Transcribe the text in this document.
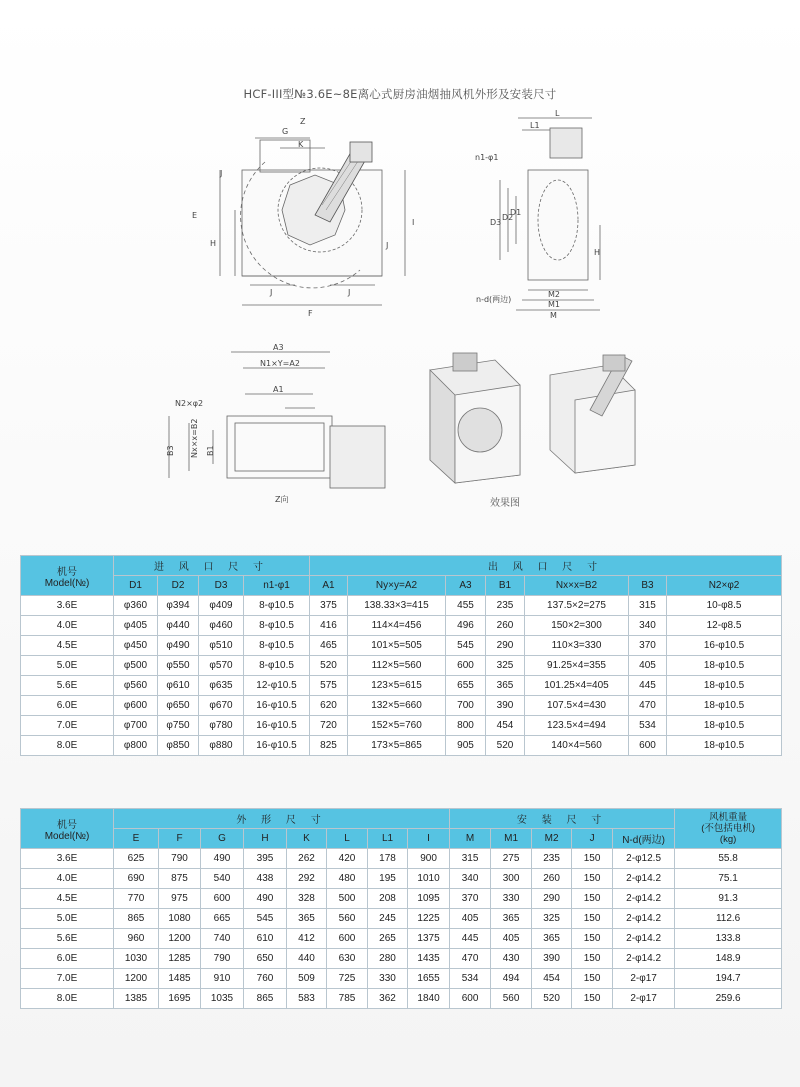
HCF-III型№3.6E~8E离心式厨房油烟抽风机外形及安装尺寸
Z
G
K
J
E
H	J
J	J
F
I
L
L1
n1-φ1
D3
D2
D1
H
n-d(两边)
M2
M1
M
A3
N1×Y=A2
A1
N2×φ2
B3 Nx×x=B2 B1
Z向	效果图
机号
Model(№)	进 风 口 尺 寸				出 风 口 尺 寸						
	D1	D2	D3	n1-φ1	A1	Ny×y=A2	A3	B1	Nx×x=B2	B3	N2×φ2
3.6E	φ360	φ394	φ409	8-φ10.5	375	138.33×3=415	455	235	137.5×2=275	315	10-φ8.5
4.0E	φ405	φ440	φ460	8-φ10.5	416	114×4=456	496	260	150×2=300	340	12-φ8.5
4.5E	φ450	φ490	φ510	8-φ10.5	465	101×5=505	545	290	110×3=330	370	16-φ10.5
5.0E	φ500	φ550	φ570	8-φ10.5	520	112×5=560	600	325	91.25×4=355	405	18-φ10.5
5.6E	φ560	φ610	φ635	12-φ10.5	575	123×5=615	655	365	101.25×4=405	445	18-φ10.5
6.0E	φ600	φ650	φ670	16-φ10.5	620	132×5=660	700	390	107.5×4=430	470	18-φ10.5
7.0E	φ700	φ750	φ780	16-φ10.5	720	152×5=760	800	454	123.5×4=494	534	18-φ10.5
8.0E	φ800	φ850	φ880	16-φ10.5	825	173×5=865	905	520	140×4=560	600	18-φ10.5
机号
Model(№)	外 形 尺 寸								安 装 尺 寸					风机重量
(不包括电机)
(kg)
	E	F	G	H	K	L	L1	I	M	M1	M2	J	N-d(两边)	
3.6E	625	790	490	395	262	420	178	900	315	275	235	150	2-φ12.5	55.8
4.0E	690	875	540	438	292	480	195	1010	340	300	260	150	2-φ14.2	75.1
4.5E	770	975	600	490	328	500	208	1095	370	330	290	150	2-φ14.2	91.3
5.0E	865	1080	665	545	365	560	245	1225	405	365	325	150	2-φ14.2	112.6
5.6E	960	1200	740	610	412	600	265	1375	445	405	365	150	2-φ14.2	133.8
6.0E	1030	1285	790	650	440	630	280	1435	470	430	390	150	2-φ14.2	148.9
7.0E	1200	1485	910	760	509	725	330	1655	534	494	454	150	2-φ17	194.7
8.0E	1385	1695	1035	865	583	785	362	1840	600	560	520	150	2-φ17	259.6
